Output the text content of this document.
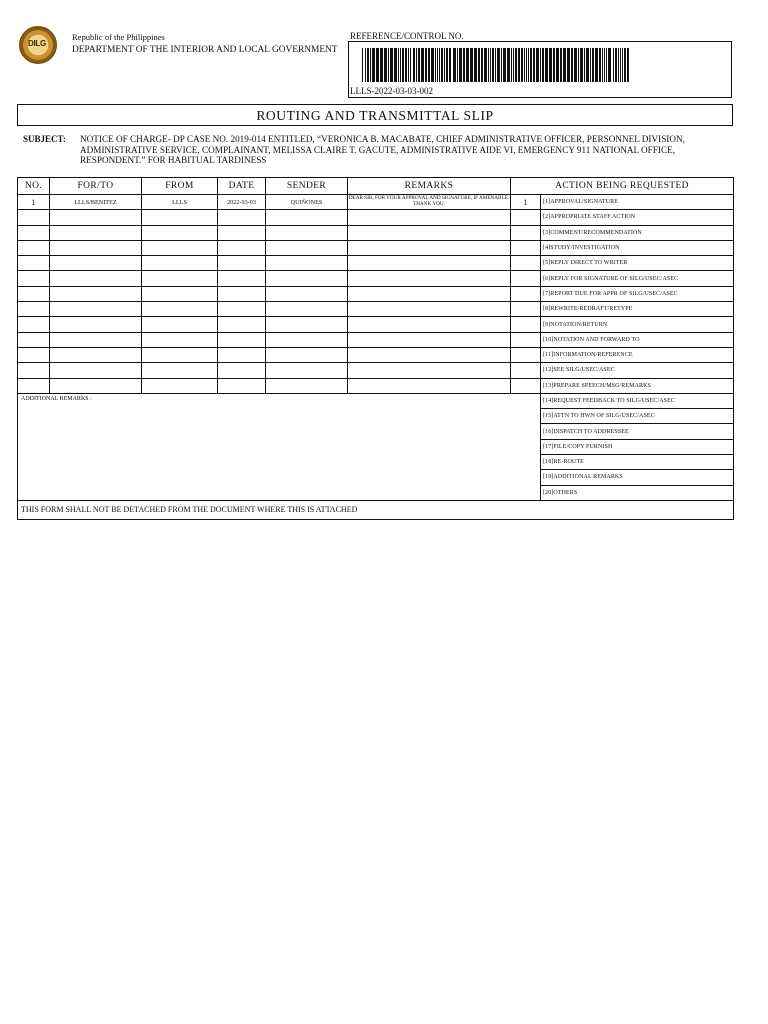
DILG
Republic of the Philippines
DEPARTMENT OF THE INTERIOR AND LOCAL GOVERNMENT
REFERENCE/CONTROL NO.
LLLS-2022-03-03-002
ROUTING AND TRANSMITTAL SLIP
SUBJECT: NOTICE OF CHARGE- DP CASE NO. 2019-014 ENTITLED, “VERONICA B. MACABATE, CHIEF ADMINISTRATIVE OFFICER, PERSONNEL DIVISION, ADMINISTRATIVE SERVICE, COMPLAINANT, MELISSA CLAIRE T. GACUTE, ADMINISTRATIVE AIDE VI, EMERGENCY 911 NATIONAL OFFICE, RESPONDENT.” FOR HABITUAL TARDINESS
NO.	FOR/TO	FROM	DATE	SENDER	REMARKS	ACTION BEING REQUESTED	
1	LLLS/BENITEZ	LLLS	2022-03-03	QUIÑONES	DEAR SIR, FOR YOUR APPROVAL AND SIGNATURE, IF AMENABLE. THANK YOU.	1	[1]APPROVAL/SIGNATURE
							[2]APPROPRIATE STAFF ACTION
							[3]COMMENT/RECOMMENDATION
							[4]STUDY/INVESTIGATION
							[5]REPLY DIRECT TO WRITER
							[6]REPLY FOR SIGNATURE OF SILG/USEC/ASEC
							[7]REPORT DUE FOR APPR OF SILG/USEC/ASEC
							[8]REWRITE/REDRAFT/RETYPE
							[9]NOTATION/RETURN
							[10]NOTATION AND FORWARD TO
							[11]INFORMATION/REFERENCE
							[12]SEE SILG/USEC/ASEC
							[13]PREPARE SPEECH/MSG/REMARKS
ADDITIONAL REMARKS :							[14]REQUEST FEEDBACK TO SILG/USEC/ASEC
							[15]ATTN TO HWN OF SILG/USEC/ASEC
							[16]DISPATCH TO ADDRESSEE
							[17]FILE/COPY FURNISH
							[18]RE-ROUTE
							[19]ADDITIONAL REMARKS
							[20]OTHERS
THIS FORM SHALL NOT BE DETACHED FROM THE DOCUMENT WHERE THIS IS ATTACHED							
